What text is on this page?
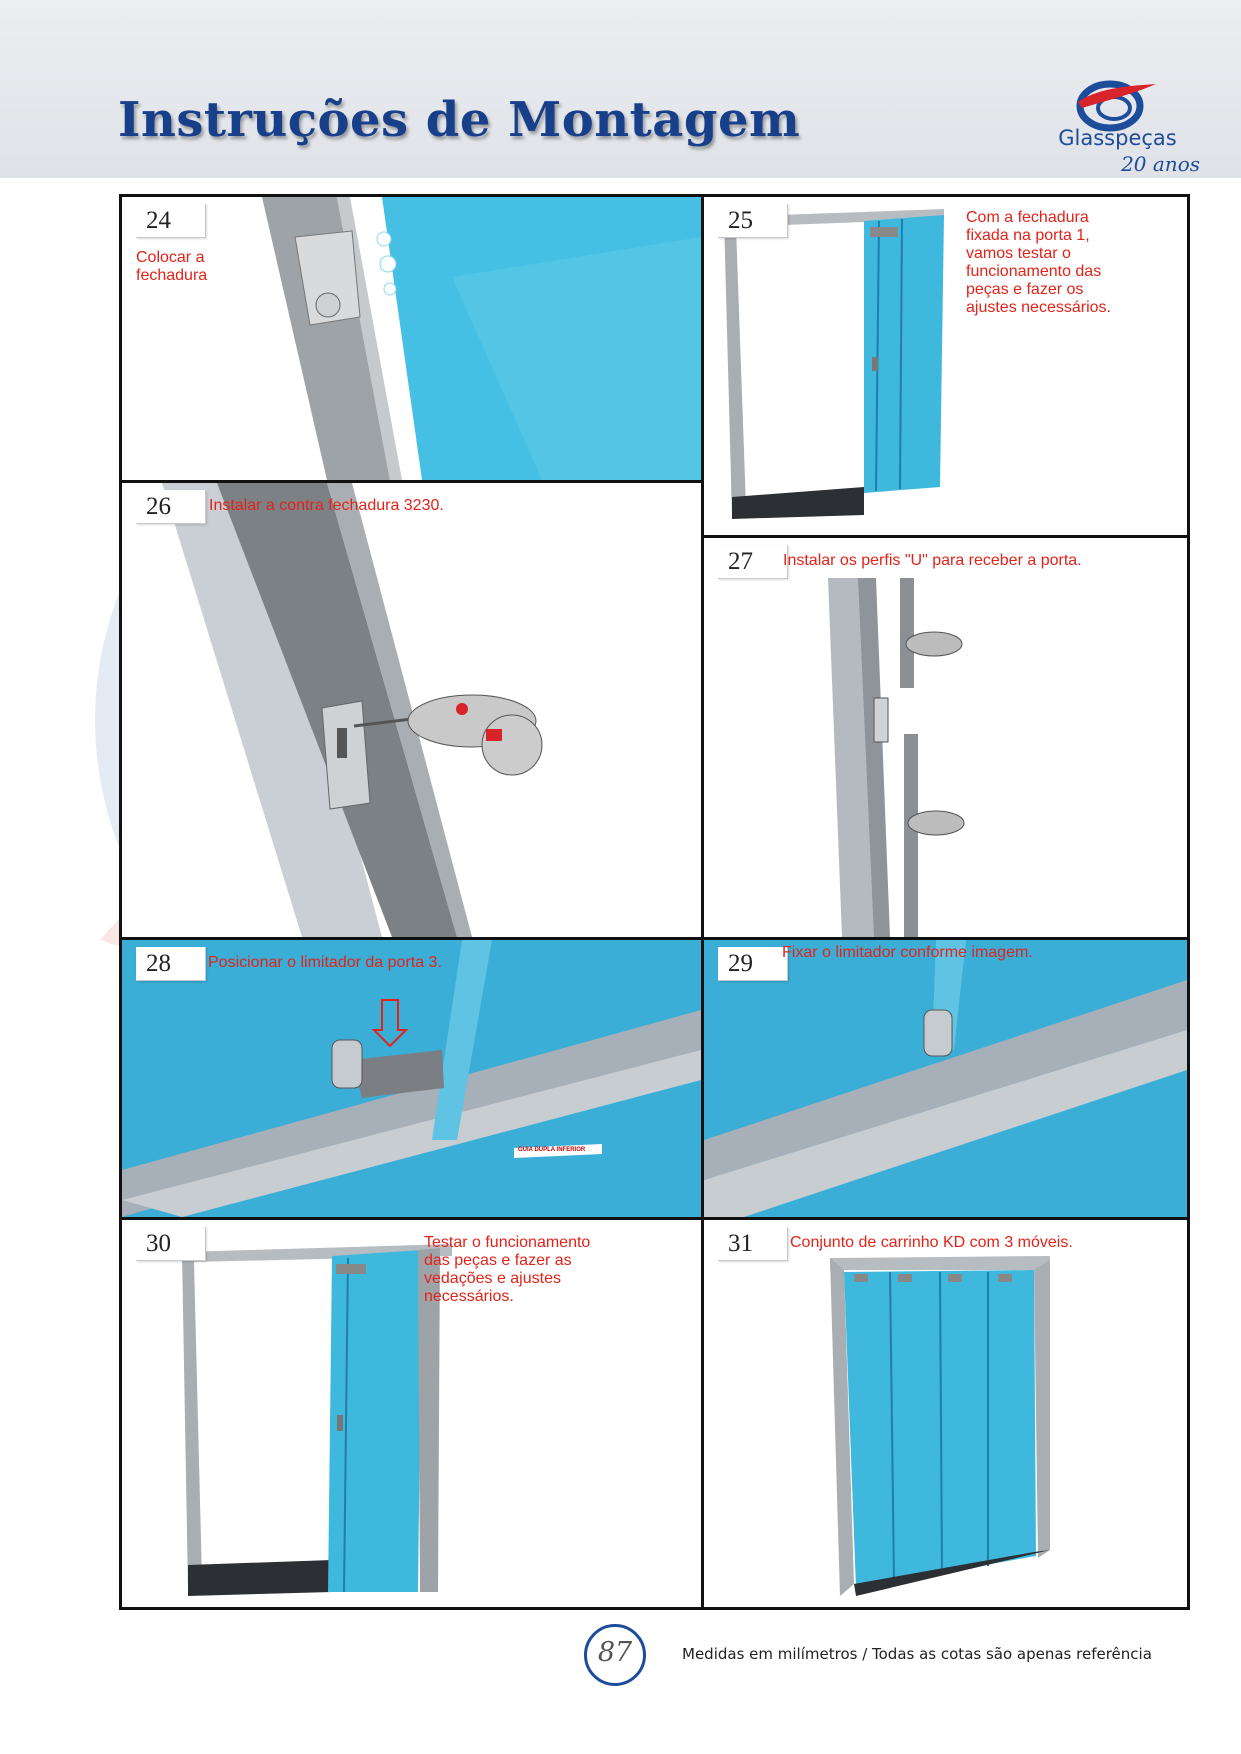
Instruções de Montagem	Glasspeças
20 anos
24

Colocar a
fechadura

25	Com a fechadura
fixada na porta 1,
vamos testar o
funcionamento das
peças e fazer os
ajustes necessários.

26	Instalar a contra fechadura 3230.

27	Instalar os perfis "U" para receber a porta.

28	Posicionar o limitador da porta 3.

GUIA DUPLA INFERIOR
29	Fixar o limitador conforme imagem.

30	Testar o funcionamento
das peças e fazer as
vedações e ajustes
necessários.

31	Conjunto de carrinho KD com 3 móveis.

87	Medidas em milímetros / Todas as cotas são apenas referência
